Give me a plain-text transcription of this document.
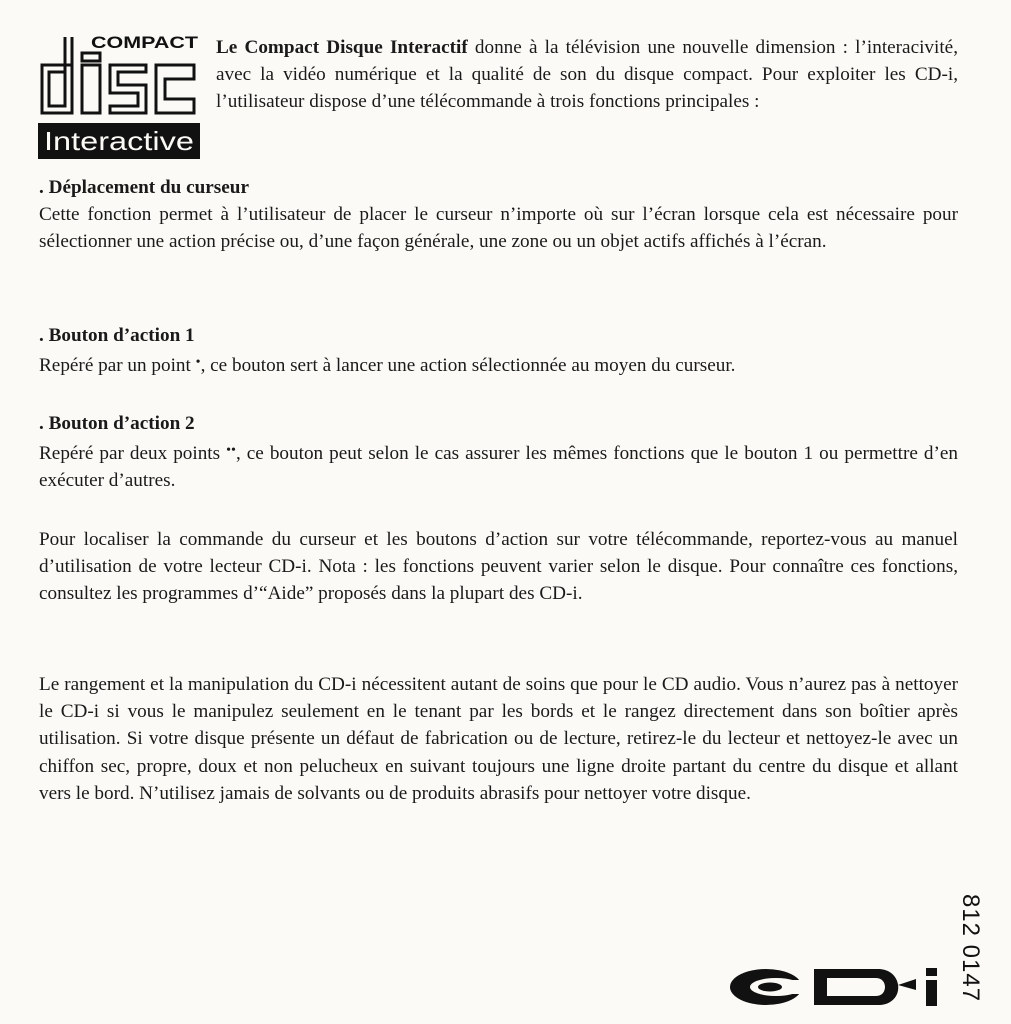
COMPACT
Interactive

Le Compact Disque Interactif donne à la télévision une nouvelle dimension : l’interacivité, avec la vidéo numérique et la qualité de son du disque compact. Pour exploiter les CD-i, l’utilisateur dispose d’une télécommande à trois fonctions principales :

. Déplacement du curseur

Cette fonction permet à l’utilisateur de placer le curseur n’importe où sur l’écran lorsque cela est nécessaire pour sélectionner une action précise ou, d’une façon générale, une zone ou un objet actifs affichés à l’écran.

. Bouton d’action 1

Repéré par un point •, ce bouton sert à lancer une action sélectionnée au moyen du curseur.

. Bouton d’action 2

Repéré par deux points ••, ce bouton peut selon le cas assurer les mêmes fonctions que le bouton 1 ou permettre d’en exécuter d’autres.

Pour localiser la commande du curseur et les boutons d’action sur votre télécommande, reportez-vous au manuel d’utilisation de votre lecteur CD-i. Nota : les fonctions peuvent varier selon le disque. Pour connaître ces fonctions, consultez les programmes d’“Aide” proposés dans la plupart des CD-i.

Le rangement et la manipulation du CD-i nécessitent autant de soins que pour le CD audio. Vous n’aurez pas à nettoyer le CD-i si vous le manipulez seulement en le tenant par les bords et le rangez directement dans son boîtier après utilisation. Si votre disque présente un défaut de fabrication ou de lecture, retirez-le du lecteur et nettoyez-le avec un chiffon sec, propre, doux et non pelucheux en suivant toujours une ligne droite partant du centre du disque et allant vers le bord. N’utilisez jamais de solvants ou de produits abrasifs pour nettoyer votre disque.

812 0147
